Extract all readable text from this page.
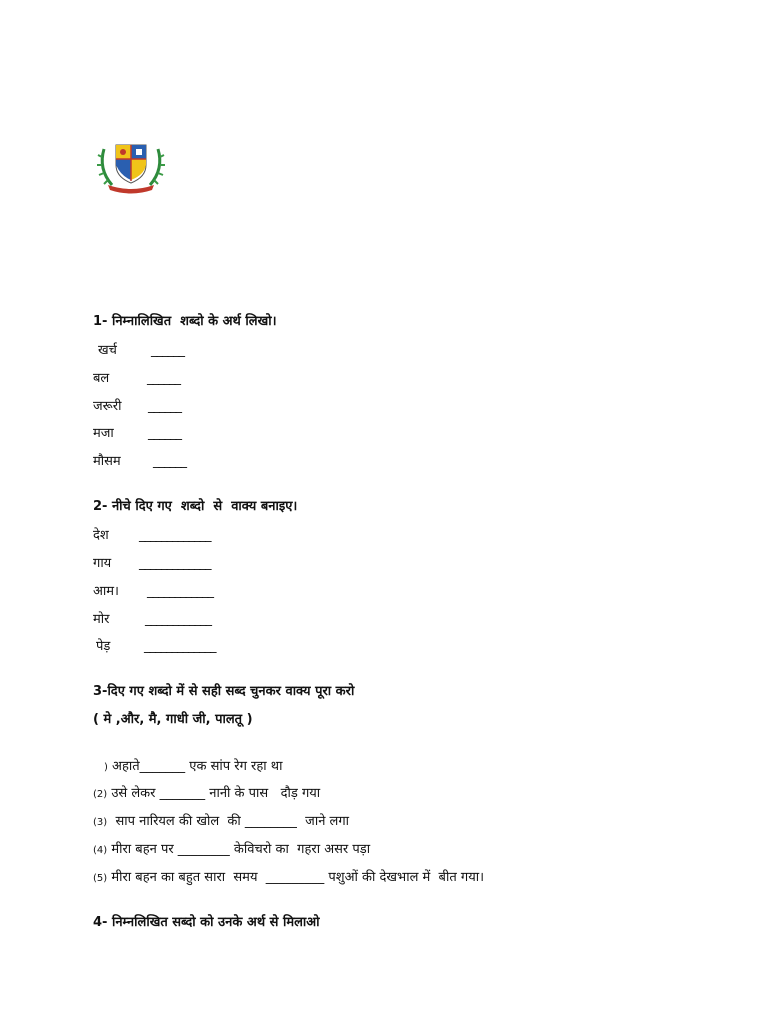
1- निम्नालिखित  शब्दो के अर्थ लिखो।
खर्च	______
बल	______
जरूरी ______
मजा	______
मौसम ______
2- नीचे दिए गए  शब्दो  से  वाक्य बनाइए।
देश _____________
गाय _____________
आम। ____________
मोर	____________
पेड़	_____________
3-दिए गए शब्दो में से सही सब्द चुनकर वाक्य पूरा करो
( मे ,और, मै, गाधी जी, पालतू )
) अहाते_______ एक सांप रेग रहा था
(2) उसे लेकर _______ नानी के पास   दौड़ गया
(3)  साप नारियल की खोल  की ________  जाने लगा
(4) मीरा बहन पर ________ केविचरो का  गहरा असर पड़ा
(5) मीरा बहन का बहुत सारा  समय  _________ पशुओं की देखभाल में  बीत गया।
4- निम्नलिखित सब्दो को उनके अर्थ से मिलाओ
